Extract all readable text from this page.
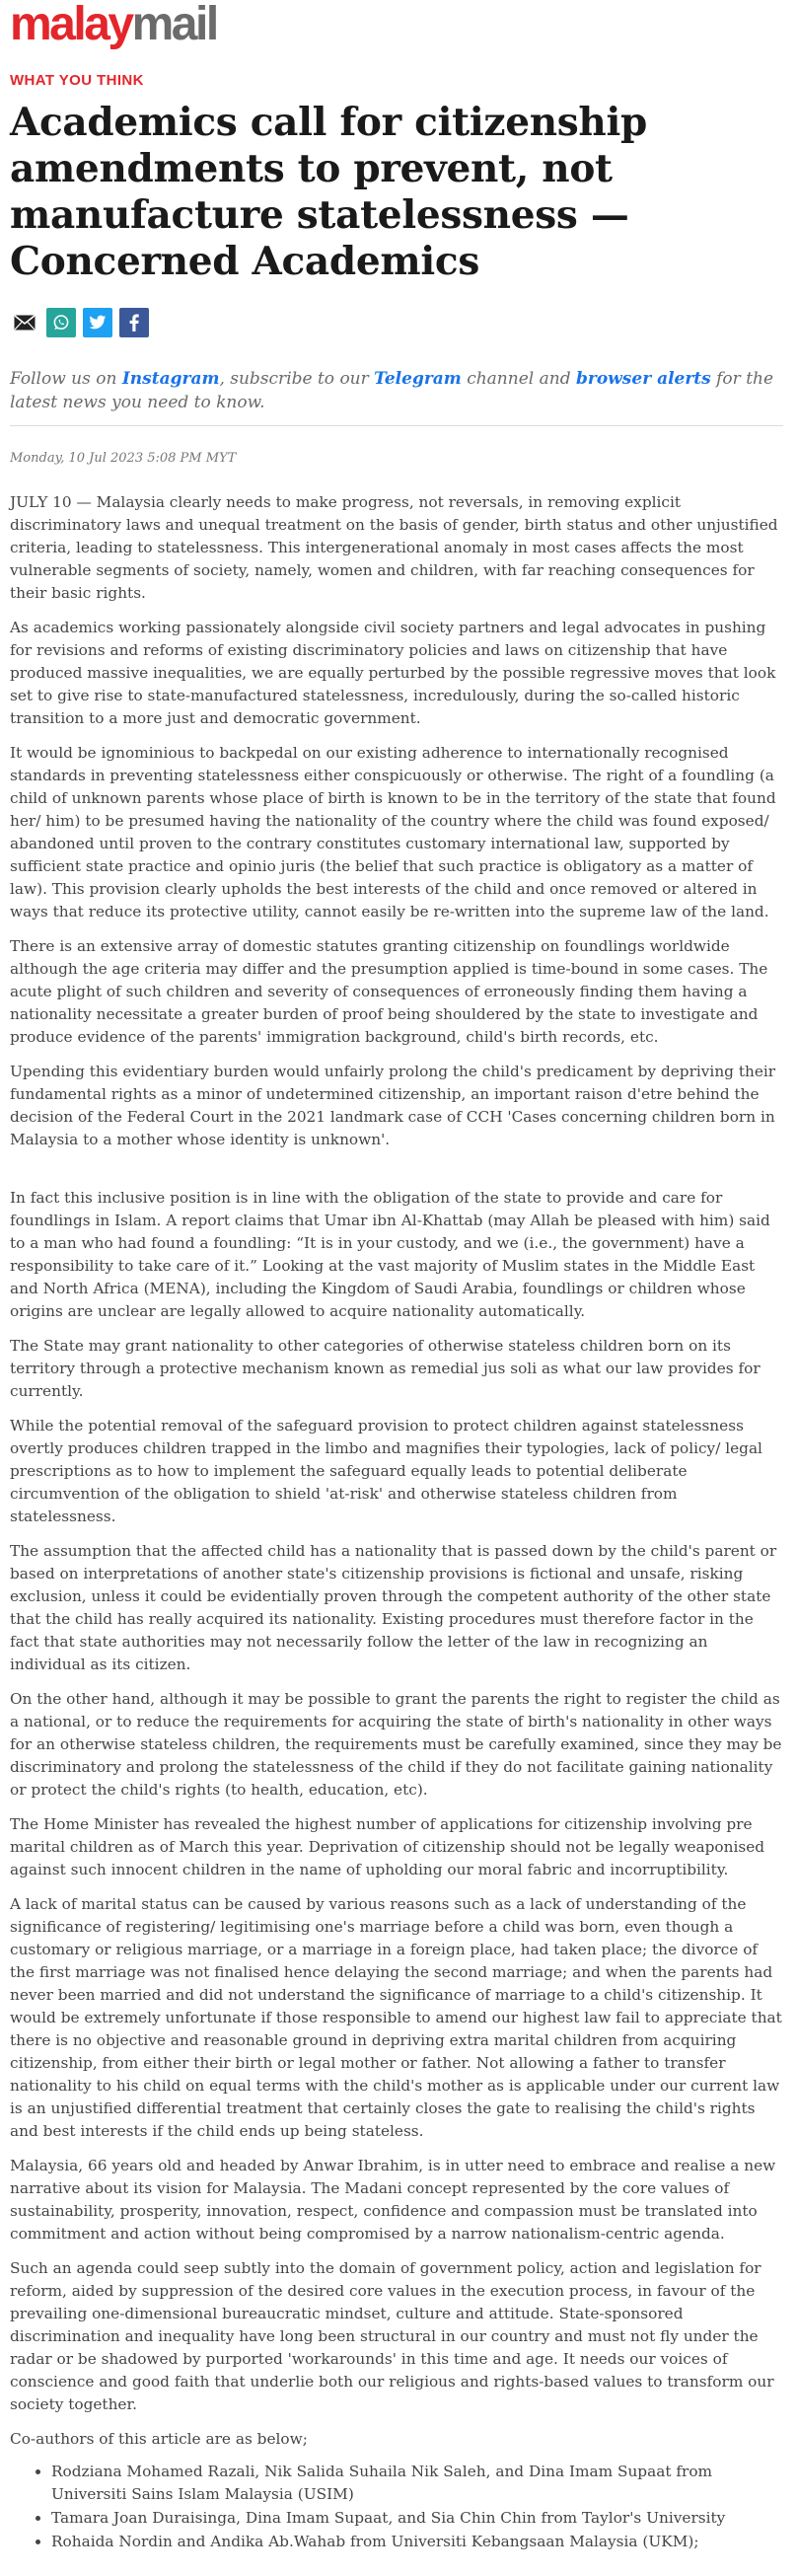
malaymail
WHAT YOU THINK
Academics call for citizenship amendments to prevent, not manufacture statelessness — Concerned Academics

Follow us on Instagram, subscribe to our Telegram channel and browser alerts for the latest news you need to know.

Monday, 10 Jul 2023 5:08 PM MYT

JULY 10 — Malaysia clearly needs to make progress, not reversals, in removing explicit discriminatory laws and unequal treatment on the basis of gender, birth status and other unjustified criteria, leading to statelessness. This intergenerational anomaly in most cases affects the most vulnerable segments of society, namely, women and children, with far reaching consequences for their basic rights.

As academics working passionately alongside civil society partners and legal advocates in pushing for revisions and reforms of existing discriminatory policies and laws on citizenship that have produced massive inequalities, we are equally perturbed by the possible regressive moves that look set to give rise to state-manufactured statelessness, incredulously, during the so-called historic transition to a more just and democratic government.

It would be ignominious to backpedal on our existing adherence to internationally recognised standards in preventing statelessness either conspicuously or otherwise. The right of a foundling (a child of unknown parents whose place of birth is known to be in the territory of the state that found her/ him) to be presumed having the nationality of the country where the child was found exposed/ abandoned until proven to the contrary constitutes customary international law, supported by sufficient state practice and opinio juris (the belief that such practice is obligatory as a matter of law). This provision clearly upholds the best interests of the child and once removed or altered in ways that reduce its protective utility, cannot easily be re-written into the supreme law of the land.

There is an extensive array of domestic statutes granting citizenship on foundlings worldwide although the age criteria may differ and the presumption applied is time-bound in some cases. The acute plight of such children and severity of consequences of erroneously finding them having a nationality necessitate a greater burden of proof being shouldered by the state to investigate and produce evidence of the parents' immigration background, child's birth records, etc.

Upending this evidentiary burden would unfairly prolong the child's predicament by depriving their fundamental rights as a minor of undetermined citizenship, an important raison d'etre behind the decision of the Federal Court in the 2021 landmark case of CCH 'Cases concerning children born in Malaysia to a mother whose identity is unknown'.

In fact this inclusive position is in line with the obligation of the state to provide and care for foundlings in Islam. A report claims that Umar ibn Al-Khattab (may Allah be pleased with him) said to a man who had found a foundling: “It is in your custody, and we (i.e., the government) have a responsibility to take care of it.” Looking at the vast majority of Muslim states in the Middle East and North Africa (MENA), including the Kingdom of Saudi Arabia, foundlings or children whose origins are unclear are legally allowed to acquire nationality automatically.

The State may grant nationality to other categories of otherwise stateless children born on its territory through a protective mechanism known as remedial jus soli as what our law provides for currently.

While the potential removal of the safeguard provision to protect children against statelessness overtly produces children trapped in the limbo and magnifies their typologies, lack of policy/ legal prescriptions as to how to implement the safeguard equally leads to potential deliberate circumvention of the obligation to shield 'at-risk' and otherwise stateless children from statelessness.

The assumption that the affected child has a nationality that is passed down by the child's parent or based on interpretations of another state's citizenship provisions is fictional and unsafe, risking exclusion, unless it could be evidentially proven through the competent authority of the other state that the child has really acquired its nationality. Existing procedures must therefore factor in the fact that state authorities may not necessarily follow the letter of the law in recognizing an individual as its citizen.

On the other hand, although it may be possible to grant the parents the right to register the child as a national, or to reduce the requirements for acquiring the state of birth's nationality in other ways for an otherwise stateless children, the requirements must be carefully examined, since they may be discriminatory and prolong the statelessness of the child if they do not facilitate gaining nationality or protect the child's rights (to health, education, etc).

The Home Minister has revealed the highest number of applications for citizenship involving pre marital children as of March this year. Deprivation of citizenship should not be legally weaponised against such innocent children in the name of upholding our moral fabric and incorruptibility.

A lack of marital status can be caused by various reasons such as a lack of understanding of the significance of registering/ legitimising one's marriage before a child was born, even though a customary or religious marriage, or a marriage in a foreign place, had taken place; the divorce of the first marriage was not finalised hence delaying the second marriage; and when the parents had never been married and did not understand the significance of marriage to a child's citizenship. It would be extremely unfortunate if those responsible to amend our highest law fail to appreciate that there is no objective and reasonable ground in depriving extra marital children from acquiring citizenship, from either their birth or legal mother or father. Not allowing a father to transfer nationality to his child on equal terms with the child's mother as is applicable under our current law is an unjustified differential treatment that certainly closes the gate to realising the child's rights and best interests if the child ends up being stateless.

Malaysia, 66 years old and headed by Anwar Ibrahim, is in utter need to embrace and realise a new narrative about its vision for Malaysia. The Madani concept represented by the core values of sustainability, prosperity, innovation, respect, confidence and compassion must be translated into commitment and action without being compromised by a narrow nationalism-centric agenda.

Such an agenda could seep subtly into the domain of government policy, action and legislation for reform, aided by suppression of the desired core values in the execution process, in favour of the prevailing one-dimensional bureaucratic mindset, culture and attitude. State-sponsored discrimination and inequality have long been structural in our country and must not fly under the radar or be shadowed by purported 'workarounds' in this time and age. It needs our voices of conscience and good faith that underlie both our religious and rights-based values to transform our society together.

Co-authors of this article are as below;

• Rodziana Mohamed Razali, Nik Salida Suhaila Nik Saleh, and Dina Imam Supaat from Universiti Sains Islam Malaysia (USIM)
• Tamara Joan Duraisinga, Dina Imam Supaat, and Sia Chin Chin from Taylor's University
• Rohaida Nordin and Andika Ab.Wahab from Universiti Kebangsaan Malaysia (UKM);
